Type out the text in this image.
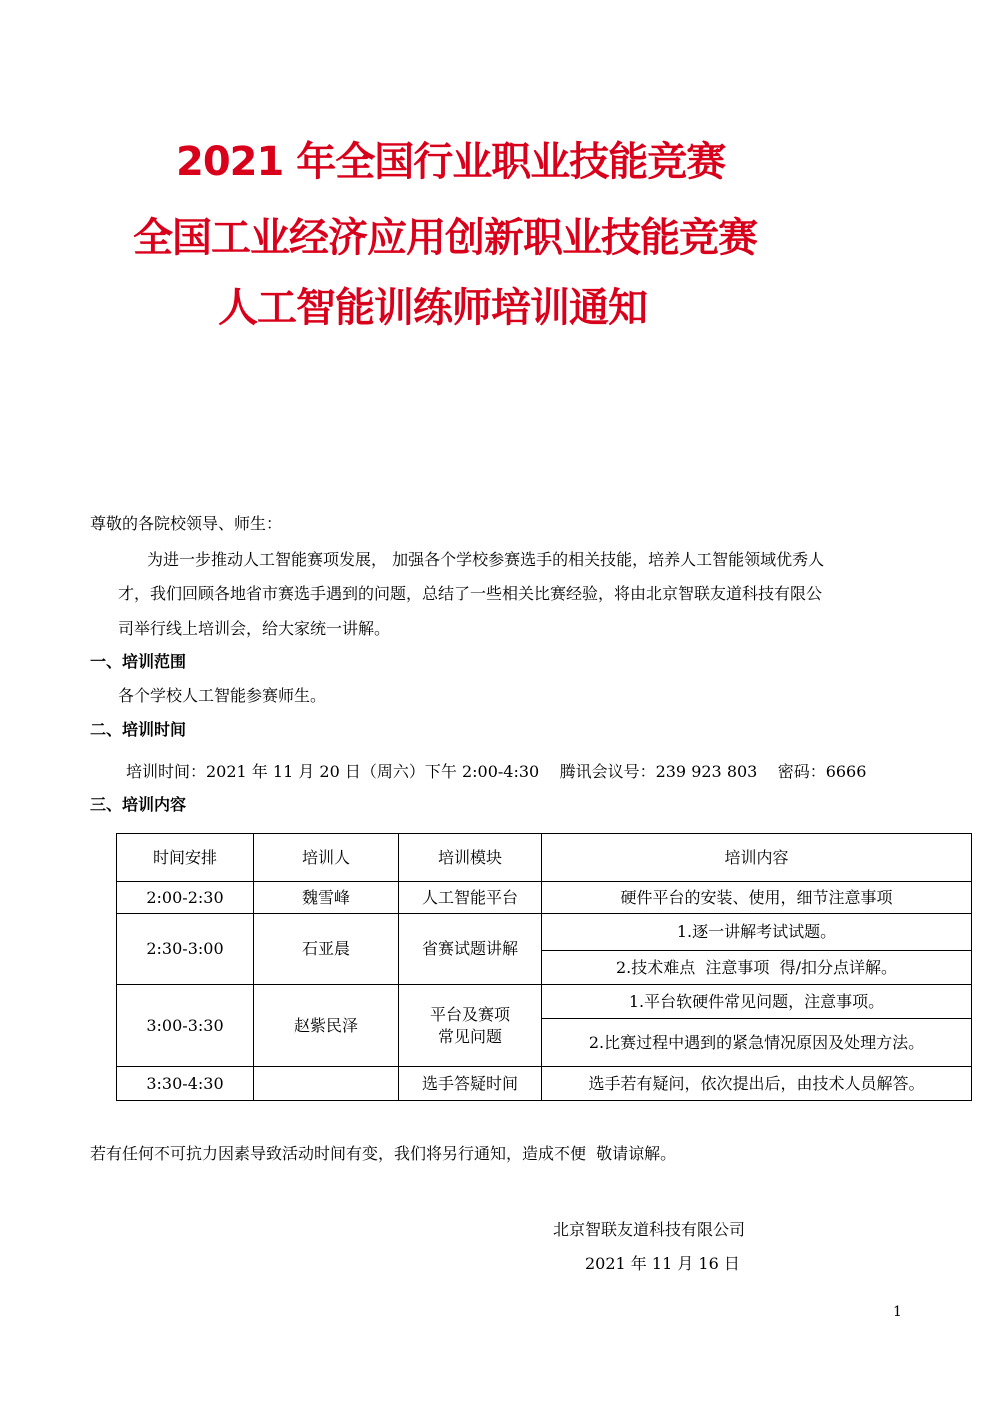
2021 年全国行业职业技能竞赛
全国工业经济应用创新职业技能竞赛
人工智能训练师培训通知
尊敬的各院校领导、师生：
为进一步推动人工智能赛项发展， 加强各个学校参赛选手的相关技能，培养人工智能领域优秀人
才，我们回顾各地省市赛选手遇到的问题，总结了一些相关比赛经验，将由北京智联友道科技有限公
司举行线上培训会，给大家统一讲解。
一、培训范围
各个学校人工智能参赛师生。
二、培训时间
培训时间：2021 年 11 月 20 日（周六）下午 2:00-4:30    腾讯会议号：239 923 803    密码：6666
三、培训内容
时间安排	培训人	培训模块	培训内容
2:00-2:30	魏雪峰	人工智能平台	硬件平台的安装、使用，细节注意事项
2:30-3:00	石亚晨	省赛试题讲解	1.逐一讲解考试试题。
			2.技术难点  注意事项  得/扣分点详解。
3:00-3:30	赵紫民泽	平台及赛项
常见问题	1.平台软硬件常见问题，注意事项。
			2.比赛过程中遇到的紧急情况原因及处理方法。
3:30-4:30		选手答疑时间	选手若有疑问，依次提出后，由技术人员解答。
若有任何不可抗力因素导致活动时间有变，我们将另行通知，造成不便  敬请谅解。
北京智联友道科技有限公司
2021 年 11 月 16 日
1
